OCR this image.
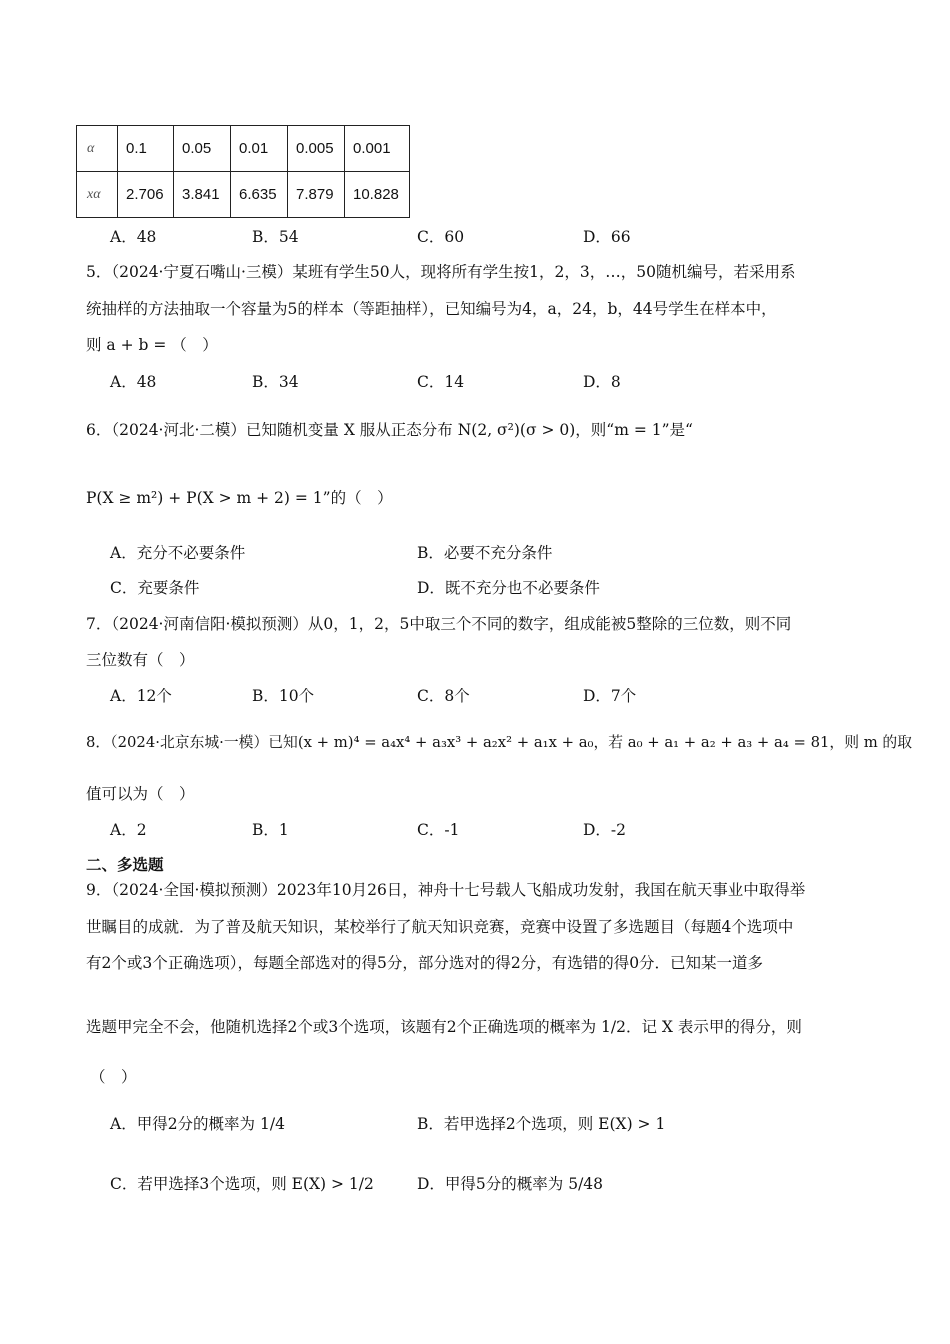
α	0.1	0.05	0.01	0.005	0.001
xα	2.706	3.841	6.635	7.879	10.828
A．48	B．54	C．60	D．66
5．（2024·宁夏石嘴山·三模）某班有学生50人，现将所有学生按1，2，3，…，50随机编号，若采用系
统抽样的方法抽取一个容量为5的样本（等距抽样），已知编号为4，a，24，b，44号学生在样本中，
则 a + b = （　）
A．48	B．34	C．14	D．8
6．（2024·河北·二模）已知随机变量 X 服从正态分布 N(2, σ²)(σ > 0)，则“m = 1”是“
P(X ≥ m²) + P(X > m + 2) = 1”的（　）
A．充分不必要条件	B．必要不充分条件
C．充要条件	D．既不充分也不必要条件
7．（2024·河南信阳·模拟预测）从0，1，2，5中取三个不同的数字，组成能被5整除的三位数，则不同
三位数有（　）
A．12个	B．10个	C．8个	D．7个
8．（2024·北京东城·一模）已知(x + m)⁴ = a₄x⁴ + a₃x³ + a₂x² + a₁x + a₀，若 a₀ + a₁ + a₂ + a₃ + a₄ = 81，则 m 的取
值可以为（　）
A．2	B．1	C．-1	D．-2
二、多选题
9．（2024·全国·模拟预测）2023年10月26日，神舟十七号载人飞船成功发射，我国在航天事业中取得举
世瞩目的成就．为了普及航天知识，某校举行了航天知识竞赛，竞赛中设置了多选题目（每题4个选项中
有2个或3个正确选项），每题全部选对的得5分，部分选对的得2分，有选错的得0分．已知某一道多
选题甲完全不会，他随机选择2个或3个选项，该题有2个正确选项的概率为 1/2．记 X 表示甲的得分，则
（　）
A．甲得2分的概率为 1/4	B．若甲选择2个选项，则 E(X) > 1
C．若甲选择3个选项，则 E(X) > 1/2	D．甲得5分的概率为 5/48
